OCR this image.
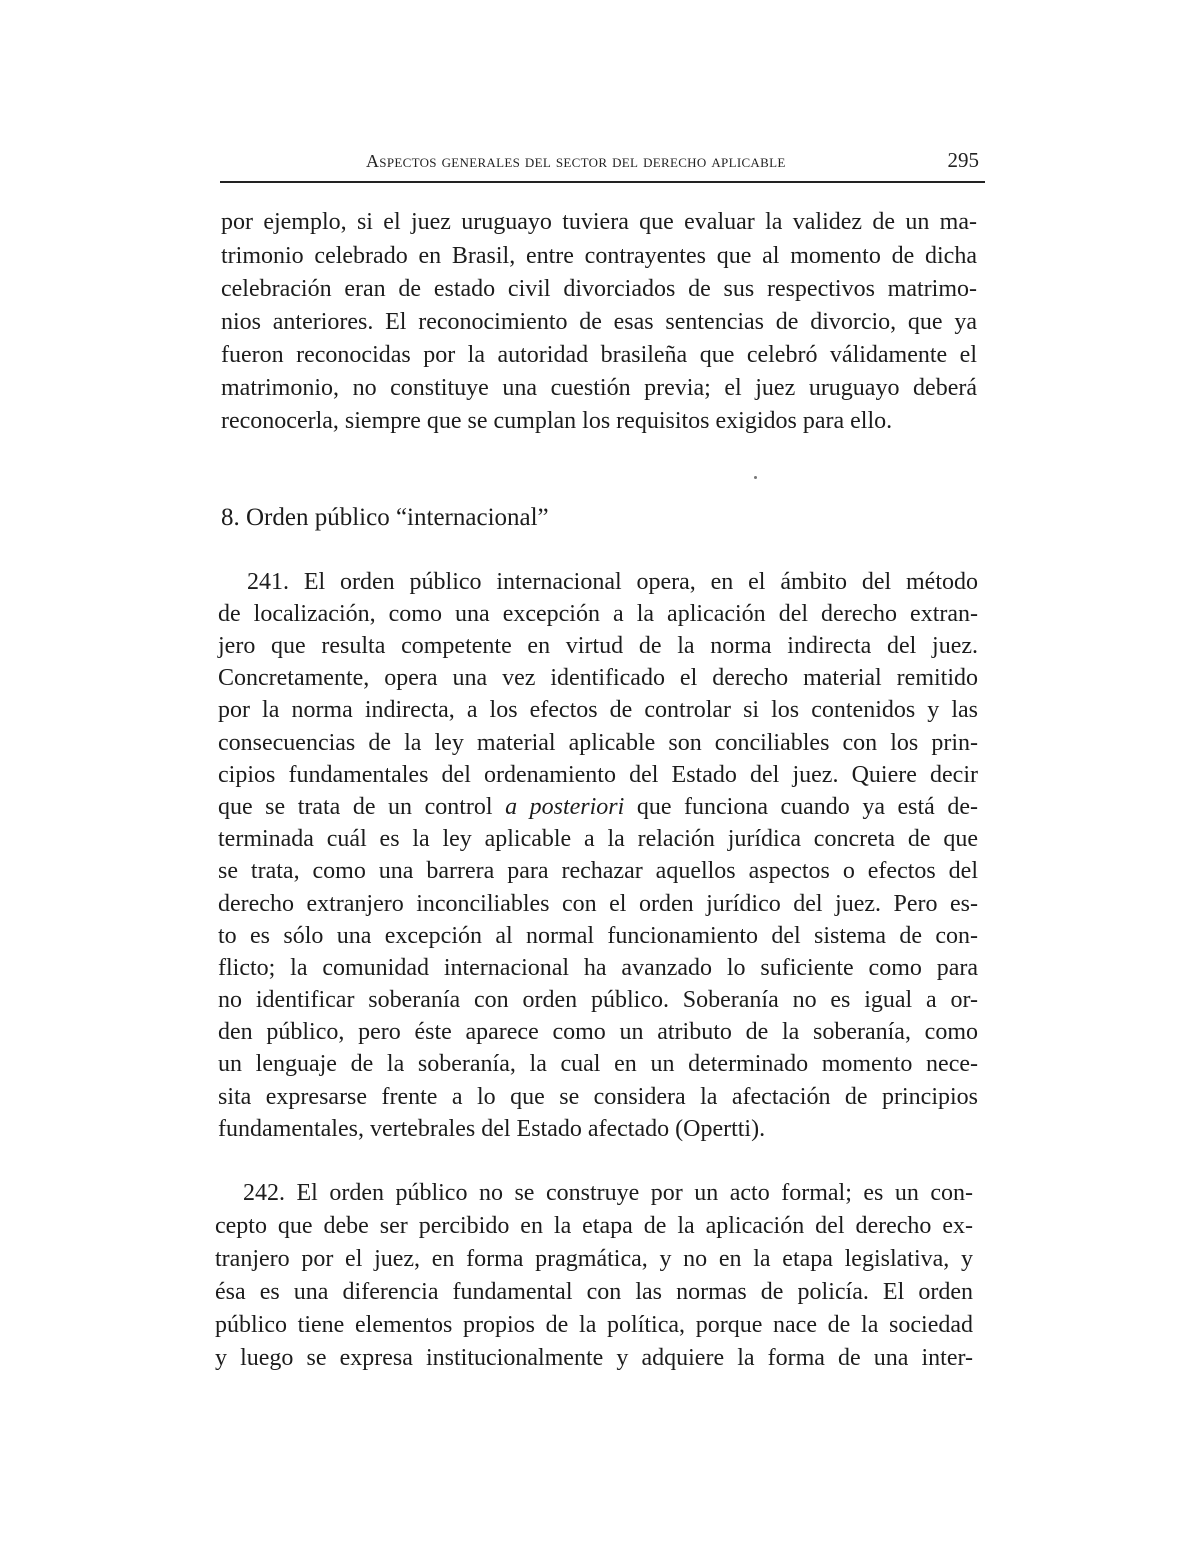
Aspectos generales del sector del derecho aplicable	295
por ejemplo, si el juez uruguayo tuviera que evaluar la validez de un ma-
trimonio celebrado en Brasil, entre contrayentes que al momento de dicha
celebración eran de estado civil divorciados de sus respectivos matrimo-
nios anteriores. El reconocimiento de esas sentencias de divorcio, que ya
fueron reconocidas por la autoridad brasileña que celebró válidamente el
matrimonio, no constituye una cuestión previa; el juez uruguayo deberá
reconocerla, siempre que se cumplan los requisitos exigidos para ello.
8. Orden público “internacional”
241. El orden público internacional opera, en el ámbito del método
de localización, como una excepción a la aplicación del derecho extran-
jero que resulta competente en virtud de la norma indirecta del juez.
Concretamente, opera una vez identificado el derecho material remitido
por la norma indirecta, a los efectos de controlar si los contenidos y las
consecuencias de la ley material aplicable son conciliables con los prin-
cipios fundamentales del ordenamiento del Estado del juez. Quiere decir
que se trata de un control a posteriori que funciona cuando ya está de-
terminada cuál es la ley aplicable a la relación jurídica concreta de que
se trata, como una barrera para rechazar aquellos aspectos o efectos del
derecho extranjero inconciliables con el orden jurídico del juez. Pero es-
to es sólo una excepción al normal funcionamiento del sistema de con-
flicto; la comunidad internacional ha avanzado lo suficiente como para
no identificar soberanía con orden público. Soberanía no es igual a or-
den público, pero éste aparece como un atributo de la soberanía, como
un lenguaje de la soberanía, la cual en un determinado momento nece-
sita expresarse frente a lo que se considera la afectación de principios
fundamentales, vertebrales del Estado afectado (Opertti).
242. El orden público no se construye por un acto formal; es un con-
cepto que debe ser percibido en la etapa de la aplicación del derecho ex-
tranjero por el juez, en forma pragmática, y no en la etapa legislativa, y
ésa es una diferencia fundamental con las normas de policía. El orden
público tiene elementos propios de la política, porque nace de la sociedad
y luego se expresa institucionalmente y adquiere la forma de una inter-
